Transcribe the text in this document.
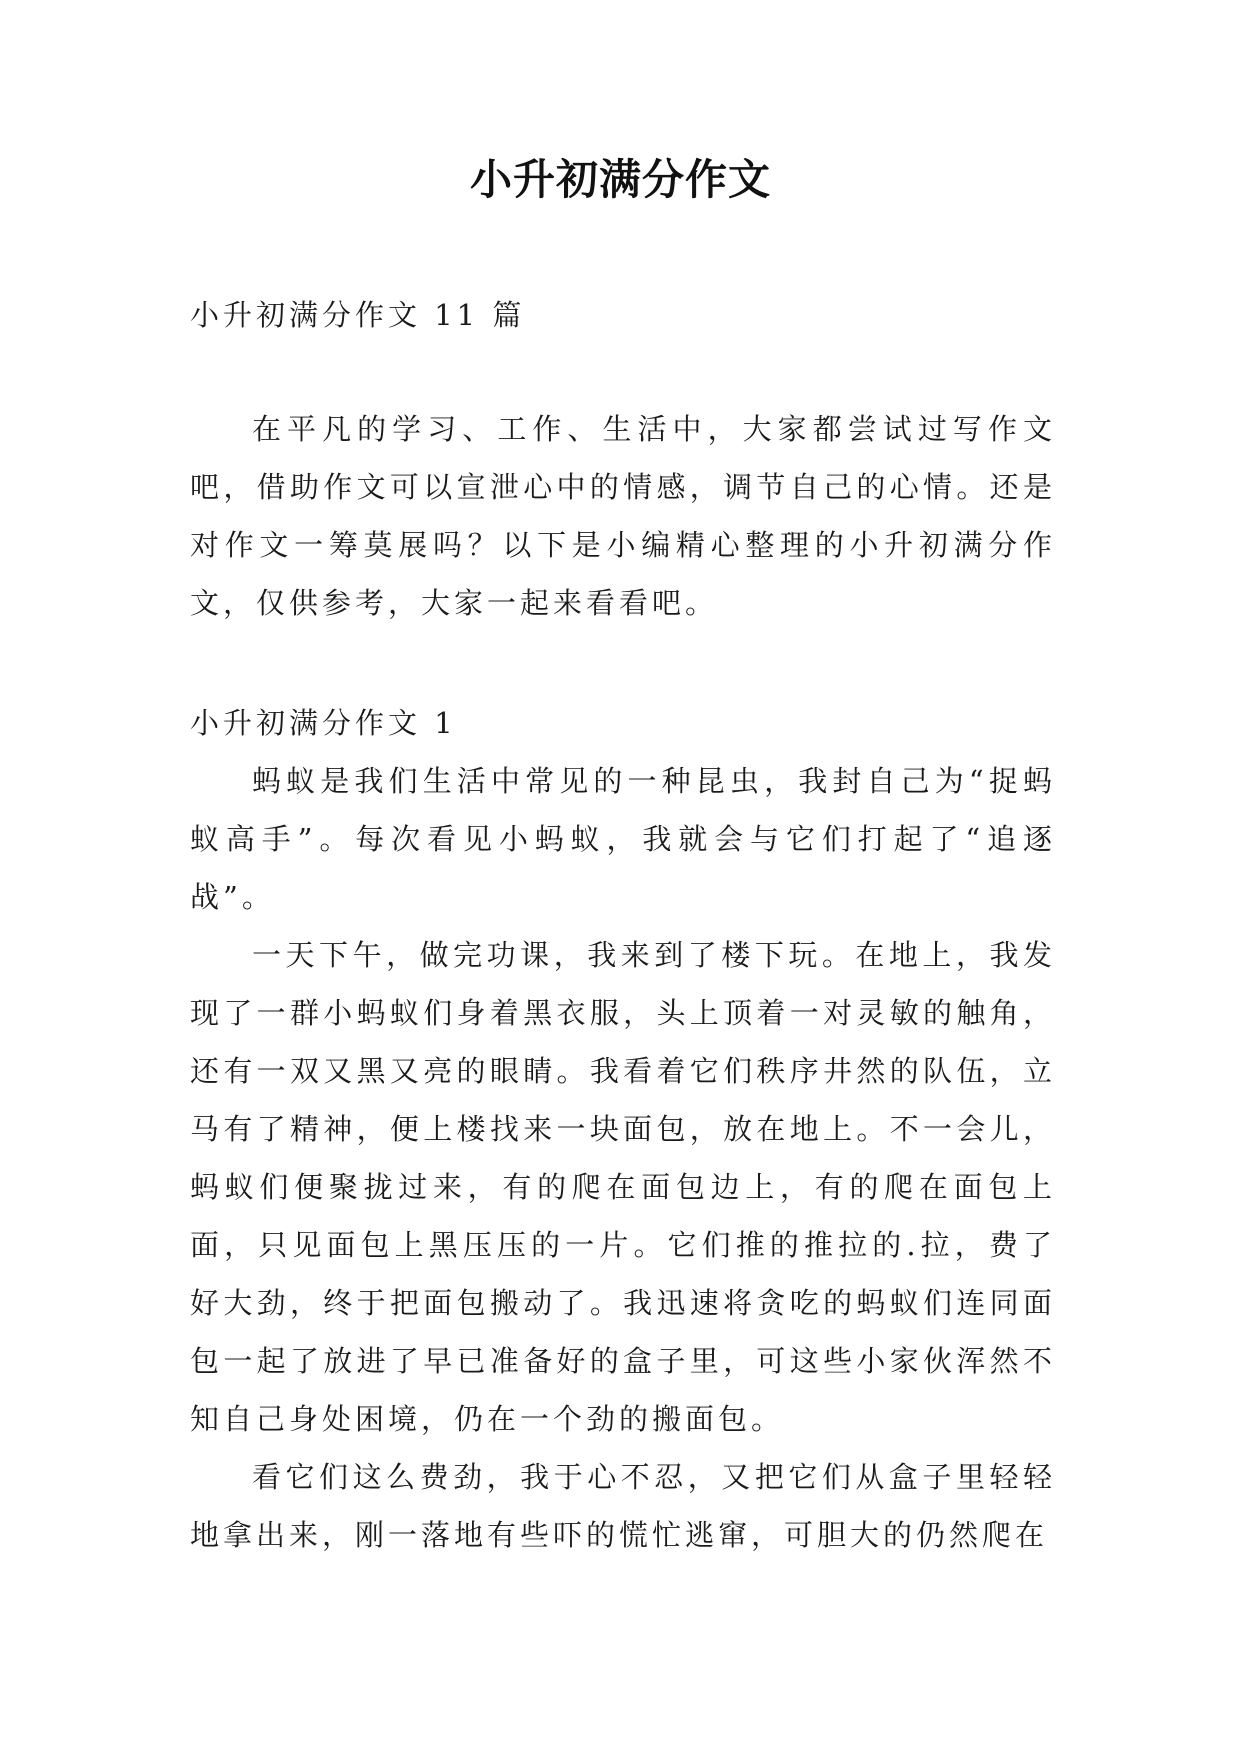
小升初满分作文
小升初满分作文 11 篇
在平凡的学习、工作、生活中，大家都尝试过写作文吧，借助作文可以宣泄心中的情感，调节自己的心情。还是对作文一筹莫展吗？以下是小编精心整理的小升初满分作文，仅供参考，大家一起来看看吧。
小升初满分作文 1

蚂蚁是我们生活中常见的一种昆虫，我封自己为“捉蚂蚁高手”。每次看见小蚂蚁，我就会与它们打起了“追逐战”。

一天下午，做完功课，我来到了楼下玩。在地上，我发现了一群小蚂蚁们身着黑衣服，头上顶着一对灵敏的触角，还有一双又黑又亮的眼睛。我看着它们秩序井然的队伍，立马有了精神，便上楼找来一块面包，放在地上。不一会儿，蚂蚁们便聚拢过来，有的爬在面包边上，有的爬在面包上面，只见面包上黑压压的一片。它们推的推拉的.拉，费了好大劲，终于把面包搬动了。我迅速将贪吃的蚂蚁们连同面包一起了放进了早已准备好的盒子里，可这些小家伙浑然不知自己身处困境，仍在一个劲的搬面包。

看它们这么费劲，我于心不忍，又把它们从盒子里轻轻地拿出来，刚一落地有些吓的慌忙逃窜，可胆大的仍然爬在
